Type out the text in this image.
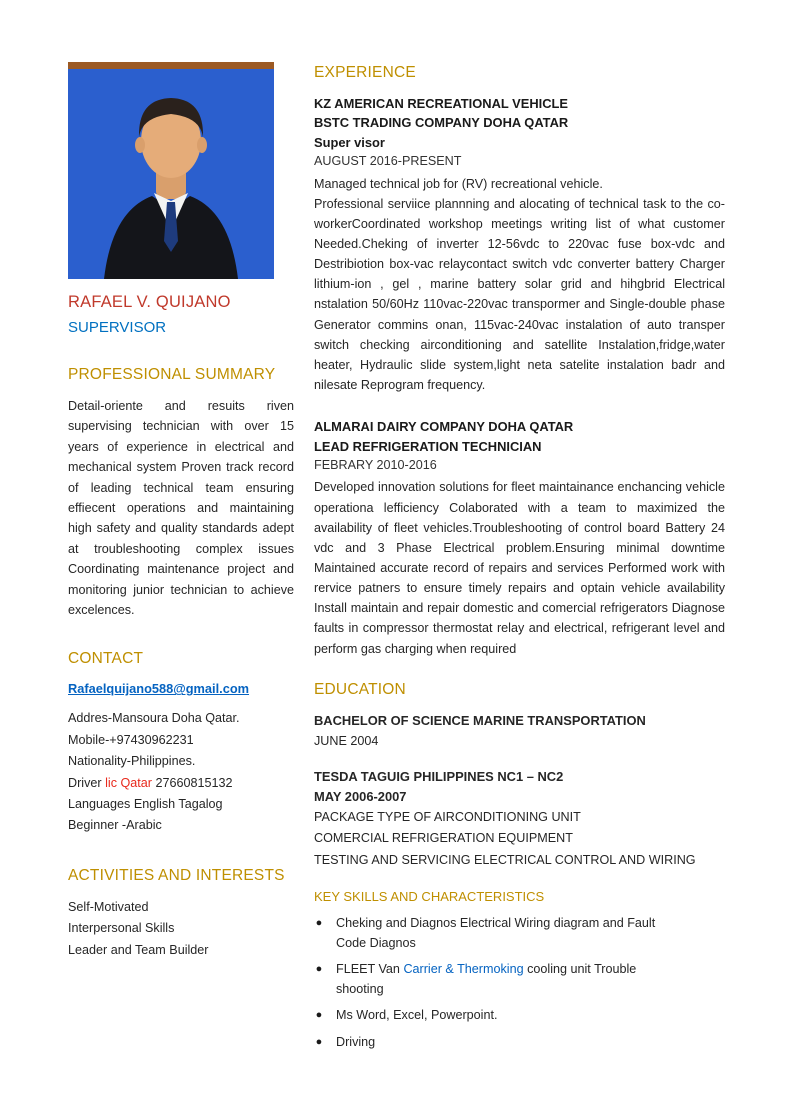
RAFAEL V. QUIJANO
SUPERVISOR
PROFESSIONAL SUMMARY

Detail-oriente and resuits riven supervising technician with over 15 years of experience in electrical and mechanical system Proven track record of leading technical team ensuring effiecent operations and maintaining high safety and quality standards adept at troubleshooting complex issues Coordinating maintenance project and monitoring junior technician to achieve excelences.

CONTACT
Rafaelquijano588@gmail.com
Addres-Mansoura Doha Qatar.
Mobile-+97430962231
Nationality-Philippines.
Driver lic Qatar 27660815132
Languages English Tagalog
Beginner -Arabic
ACTIVITIES AND INTERESTS
Self-Motivated
Interpersonal Skills
Leader and Team Builder
EXPERIENCE
KZ AMERICAN RECREATIONAL VEHICLE
BSTC TRADING COMPANY DOHA QATAR
Super visor
AUGUST 2016-PRESENT
Managed technical job for (RV) recreational vehicle.

Professional serviice plannning and alocating of technical task to the co-workerCoordinated workshop meetings writing list of what customer Needed.Cheking of inverter 12-56vdc to 220vac fuse box-vdc and Destribiotion box-vac relaycontact switch vdc converter battery Charger lithium-ion , gel , marine battery solar grid and hihgbrid Electrical nstalation 50/60Hz 110vac-220vac transpormer and Single-double phase Generator commins onan, 115vac-240vac instalation of auto transper switch checking airconditioning and satellite Instalation,fridge,water heater, Hydraulic slide system,light neta satelite instalation badr and nilesate Reprogram frequency.

ALMARAI DAIRY COMPANY DOHA QATAR
LEAD REFRIGERATION TECHNICIAN
FEBRARY 2010-2016

Developed innovation solutions for fleet maintainance enchancing vehicle operationa lefficiency Colaborated with a team to maximized the availability of fleet vehicles.Troubleshooting of control board Battery 24 vdc and 3 Phase Electrical problem.Ensuring minimal downtime Maintained accurate record of repairs and services Performed work with rervice patners to ensure timely repairs and optain vehicle availability Install maintain and repair domestic and comercial refrigerators Diagnose faults in compressor thermostat relay and electrical, refrigerant level and perform gas charging when required

EDUCATION
BACHELOR OF SCIENCE MARINE TRANSPORTATION
JUNE 2004
TESDA TAGUIG PHILIPPINES NC1 – NC2
MAY 2006-2007
PACKAGE TYPE OF AIRCONDITIONING UNIT
COMERCIAL REFRIGERATION EQUIPMENT
TESTING AND SERVICING ELECTRICAL CONTROL AND WIRING
KEY SKILLS AND CHARACTERISTICS
● Cheking and Diagnos Electrical Wiring diagram and Fault Code Diagnos
● FLEET Van Carrier & Thermoking cooling unit Trouble shooting
● Ms Word, Excel, Powerpoint.
● Driving
